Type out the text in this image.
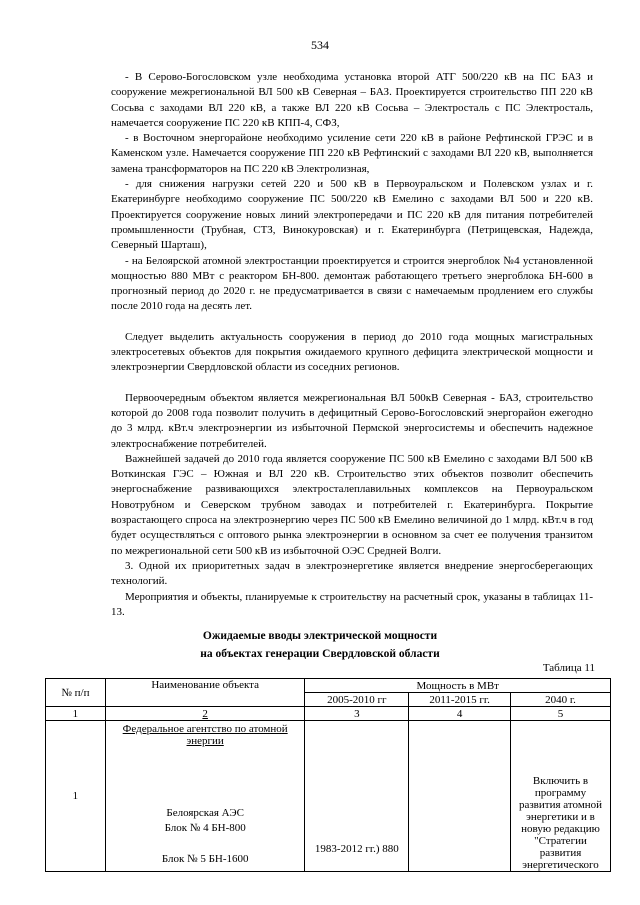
534

- В Серово-Богословском узле необходима установка второй АТГ 500/220 кВ на ПС БАЗ и сооружение межрегиональной ВЛ 500 кВ Северная – БАЗ. Проектируется строительство ПП 220 кВ Сосьва с заходами ВЛ 220 кВ, а также ВЛ 220 кВ Сосьва – Электросталь с ПС Электросталь, намечается сооружение ПС 220 кВ КПП-4, СФЗ,

- в Восточном энергорайоне необходимо усиление сети 220 кВ в районе Рефтинской ГРЭС и в Каменском узле. Намечается сооружение ПП 220 кВ Рефтинский с заходами ВЛ 220 кВ, выполняется замена трансформаторов на ПС 220 кВ Электролизная,

- для снижения нагрузки сетей 220 и 500 кВ в Первоуральском и Полевском узлах и г. Екатеринбурге необходимо сооружение ПС 500/220 кВ Емелино с заходами ВЛ 500 и 220 кВ. Проектируется сооружение новых линий электропередачи и ПС 220 кВ для питания потребителей промышленности (Трубная, СТЗ, Винокуровская) и г. Екатеринбурга (Петрищевская, Надежда, Северный Шарташ),

- на Белоярской атомной электростанции проектируется и строится энергоблок №4 установленной мощностью 880 МВт с реактором БН-800. демонтаж работающего третьего энергоблока БН-600 в прогнозный период до 2020 г. не предусматривается в связи с намечаемым продлением его службы после 2010 года на десять лет.

Следует выделить актуальность сооружения в период до 2010 года мощных магистральных электросетевых объектов для покрытия ожидаемого крупного дефицита электрической мощности и электроэнергии Свердловской области из соседних регионов.

Первоочередным объектом является межрегиональная ВЛ 500кВ Северная - БАЗ, строительство которой до 2008 года позволит получить в дефицитный Серово-Богословский энергорайон ежегодно до 3 млрд. кВт.ч электроэнергии из избыточной Пермской энергосистемы и обеспечить надежное электроснабжение потребителей.

Важнейшей задачей до 2010 года является сооружение ПС 500 кВ Емелино с заходами ВЛ 500 кВ Воткинская ГЭС – Южная и ВЛ 220 кВ. Строительство этих объектов позволит обеспечить энергоснабжение развивающихся электросталеплавильных комплексов на Первоуральском Новотрубном и Северском трубном заводах и потребителей г. Екатеринбурга. Покрытие возрастающего спроса на электроэнергию через ПС 500 кВ Емелино величиной до 1 млрд. кВт.ч в год будет осуществляться с оптового рынка электроэнергии в основном за счет ее получения транзитом по межрегиональной сети 500 кВ из избыточной ОЭС Средней Волги.

3. Одной их приоритетных задач в электроэнергетике является внедрение энергосберегающих технологий.

Мероприятия и объекты, планируемые к строительству на расчетный срок, указаны в таблицах 11-13.

Ожидаемые вводы электрической мощности
на объектах генерации Свердловской области
Таблица 11
№ п/п	Наименование объекта	Мощность в МВт		
		2005-2010 гг	2011-2015 гг.	2040 г.
1	2	3	4	5
1	Федеральное агентство по атомной энергии
Белоярская АЭС
Блок № 4 БН-800
Блок № 5 БН-1600	1983-2012 гг.) 880		Включить в программу развития атомной энергетики и в новую редакцию "Стратегии развития энергетического
